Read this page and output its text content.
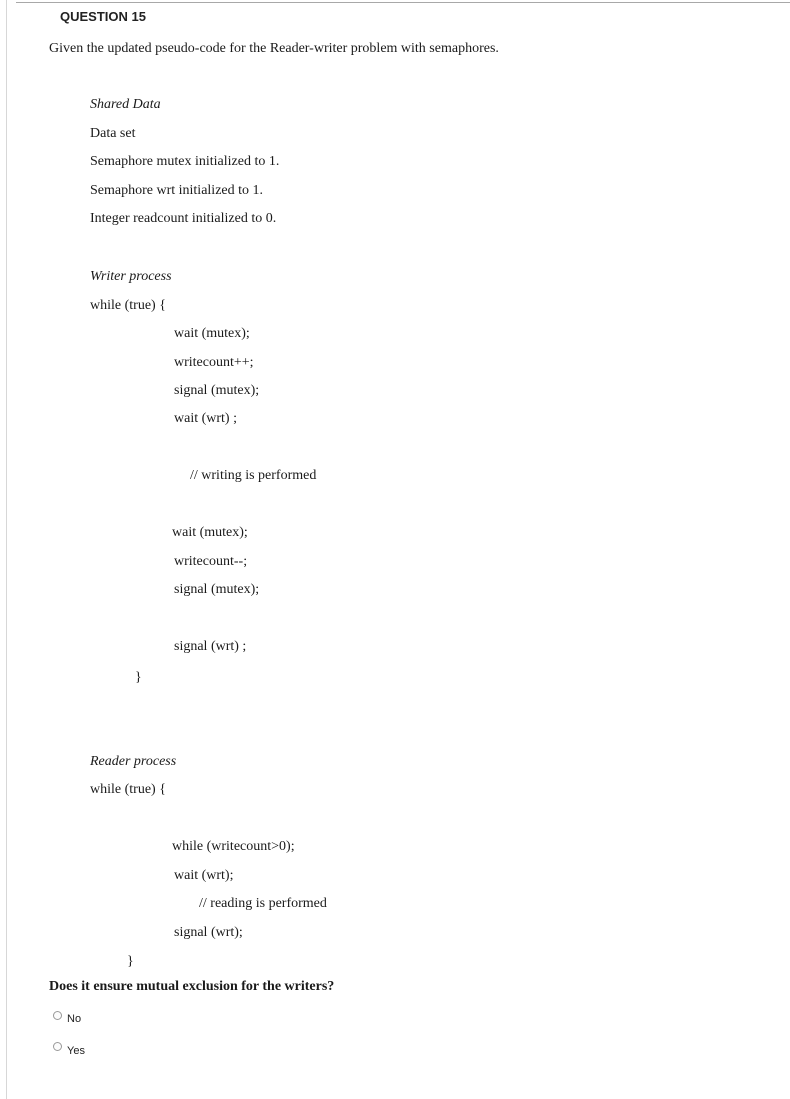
QUESTION 15
Given the updated pseudo-code for the Reader-writer problem with semaphores.
Shared Data
Data set
Semaphore mutex initialized to 1.
Semaphore wrt initialized to 1.
Integer readcount initialized to 0.
Writer process
while (true) {
wait (mutex);
writecount++;
signal (mutex);
wait (wrt) ;
// writing is performed
wait (mutex);
writecount--;
signal (mutex);
signal (wrt) ;
}
Reader process
while (true) {
while (writecount>0);
wait (wrt);
// reading is performed
signal (wrt);
}
Does it ensure mutual exclusion for the writers?
No
Yes
